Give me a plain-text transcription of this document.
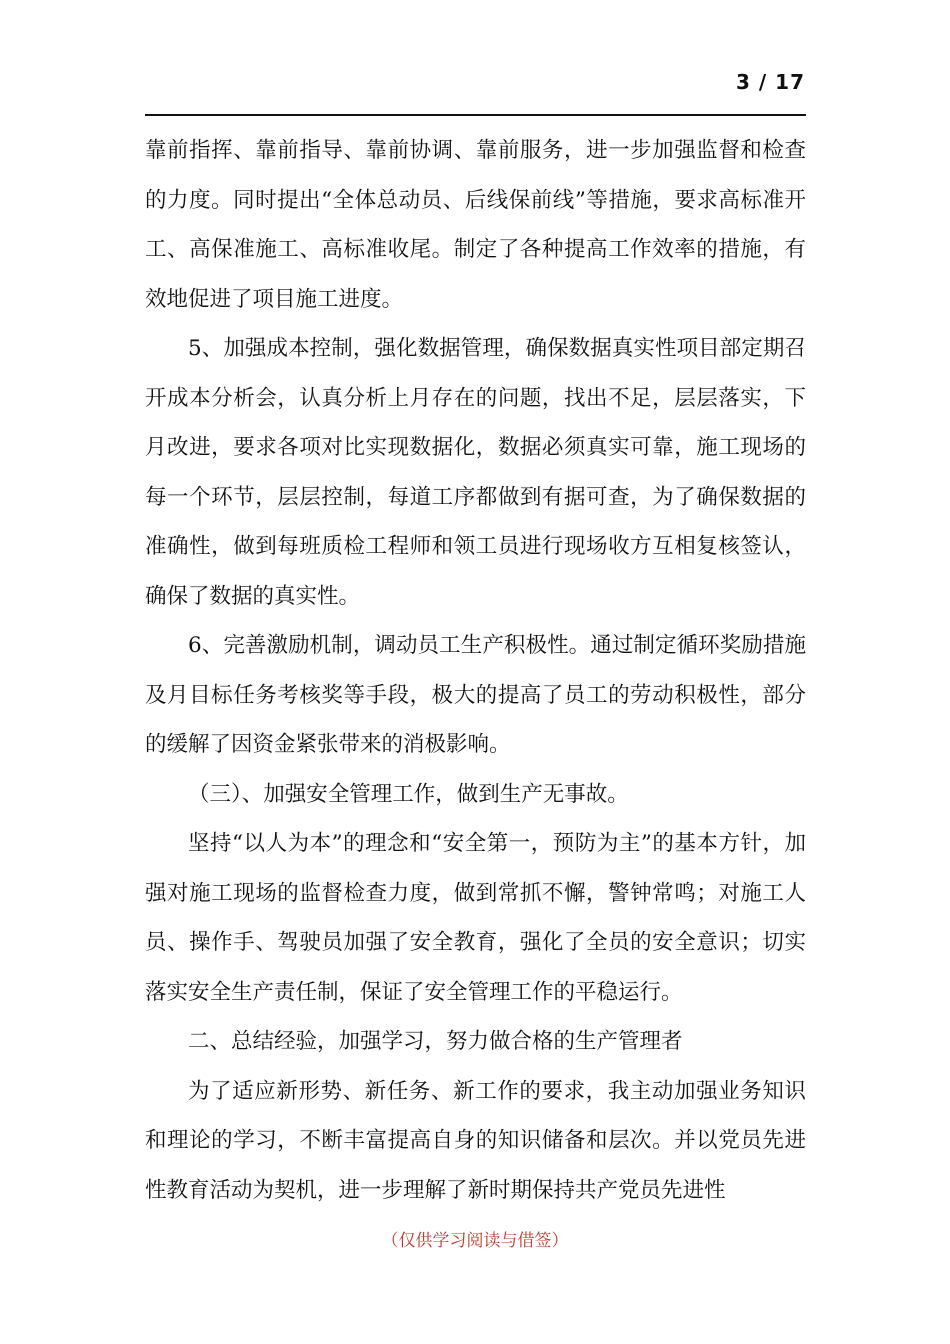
3 / 17

靠前指挥、靠前指导、靠前协调、靠前服务，进一步加强监督和检查的力度。同时提出“全体总动员、后线保前线”等措施，要求高标准开工、高保准施工、高标准收尾。制定了各种提高工作效率的措施，有效地促进了项目施工进度。

5、加强成本控制，强化数据管理，确保数据真实性项目部定期召开成本分析会，认真分析上月存在的问题，找出不足，层层落实，下月改进，要求各项对比实现数据化，数据必须真实可靠，施工现场的每一个环节，层层控制，每道工序都做到有据可查，为了确保数据的准确性，做到每班质检工程师和领工员进行现场收方互相复核签认，确保了数据的真实性。

6、完善激励机制，调动员工生产积极性。通过制定循环奖励措施及月目标任务考核奖等手段，极大的提高了员工的劳动积极性，部分的缓解了因资金紧张带来的消极影响。

（三）、加强安全管理工作，做到生产无事故。

坚持“以人为本”的理念和“安全第一，预防为主”的基本方针，加强对施工现场的监督检查力度，做到常抓不懈，警钟常鸣；对施工人员、操作手、驾驶员加强了安全教育，强化了全员的安全意识；切实落实安全生产责任制，保证了安全管理工作的平稳运行。

二、总结经验，加强学习，努力做合格的生产管理者

为了适应新形势、新任务、新工作的要求，我主动加强业务知识和理论的学习，不断丰富提高自身的知识储备和层次。并以党员先进性教育活动为契机，进一步理解了新时期保持共产党员先进性

（仅供学习阅读与借签）
